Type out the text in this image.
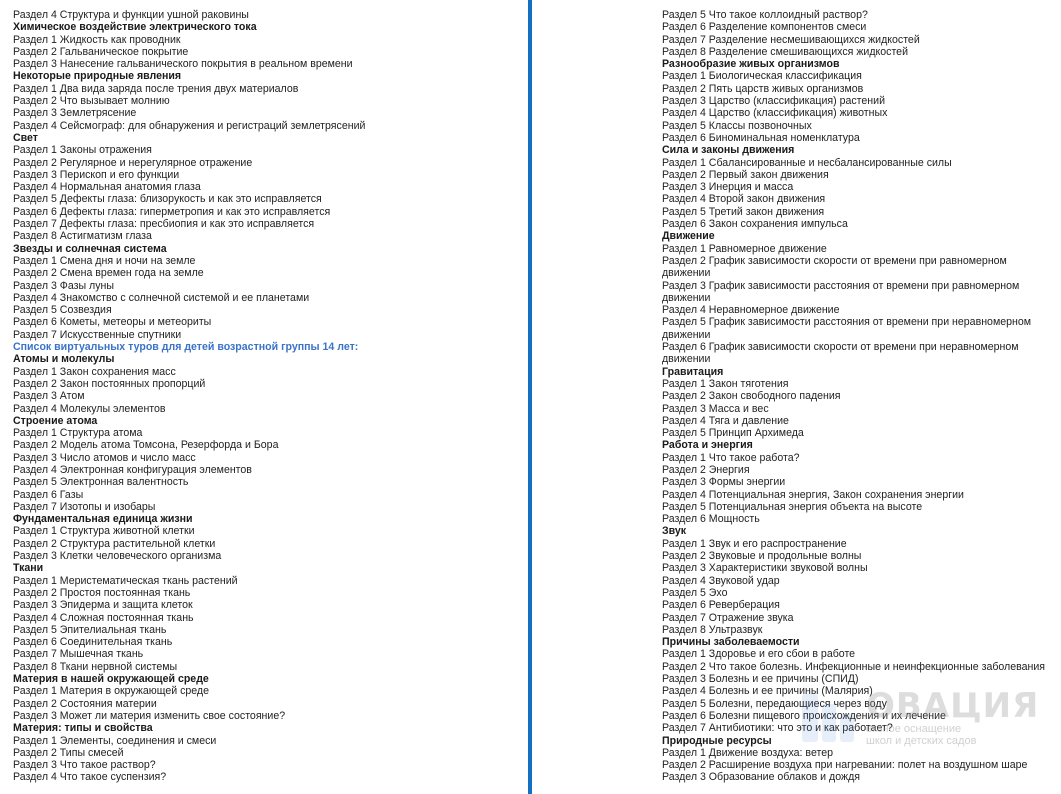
Раздел 4 Структура и функции ушной раковины
Химическое воздействие электрического тока
Раздел 1 Жидкость как проводник
Раздел 2 Гальваническое покрытие
Раздел 3 Нанесение гальванического покрытия в реальном времени
Некоторые природные явления
Раздел 1 Два вида заряда после трения двух материалов
Раздел 2 Что вызывает молнию
Раздел 3 Землетрясение
Раздел 4 Сейсмограф: для обнаружения и регистраций землетрясений
Свет
Раздел 1 Законы отражения
Раздел 2 Регулярное и нерегулярное отражение
Раздел 3 Перископ и его функции
Раздел 4 Нормальная анатомия глаза
Раздел 5 Дефекты глаза: близорукость и как это исправляется
Раздел 6 Дефекты глаза: гиперметропия и как это исправляется
Раздел 7 Дефекты глаза: пресбиопия и как это исправляется
Раздел 8 Астигматизм глаза
Звезды и солнечная система
Раздел 1 Смена дня и ночи на земле
Раздел 2 Смена времен года на земле
Раздел 3 Фазы луны
Раздел 4 Знакомство с солнечной системой и ее планетами
Раздел 5 Созвездия
Раздел 6 Кометы, метеоры и метеориты
Раздел 7 Искусственные спутники
Список виртуальных туров для детей возрастной группы 14 лет:
Атомы и молекулы
Раздел 1 Закон сохранения масс
Раздел 2 Закон постоянных пропорций
Раздел 3 Атом
Раздел 4 Молекулы элементов
Строение атома
Раздел 1 Структура атома
Раздел 2 Модель атома Томсона, Резерфорда и Бора
Раздел 3 Число атомов и число масс
Раздел 4 Электронная конфигурация элементов
Раздел 5 Электронная валентность
Раздел 6 Газы
Раздел 7 Изотопы и изобары
Фундаментальная единица жизни
Раздел 1 Структура животной клетки
Раздел 2 Структура растительной клетки
Раздел 3 Клетки человеческого организма
Ткани
Раздел 1 Меристематическая ткань растений
Раздел 2 Простоя постоянная ткань
Раздел 3 Эпидерма и защита клеток
Раздел 4 Сложная постоянная ткань
Раздел 5 Эпителиальная ткань
Раздел 6 Соединительная ткань
Раздел 7 Мышечная ткань
Раздел 8 Ткани нервной системы
Материя в нашей окружающей среде
Раздел 1 Материя в окружающей среде
Раздел 2 Состояния материи
Раздел 3 Может ли материя изменить свое состояние?
Материя: типы и свойства
Раздел 1 Элементы, соединения и смеси
Раздел 2 Типы смесей
Раздел 3 Что такое раствор?
Раздел 4 Что такое суспензия?
Раздел 5 Что такое коллоидный раствор?
Раздел 6 Разделение компонентов смеси
Раздел 7 Разделение несмешивающихся жидкостей
Раздел 8 Разделение смешивающихся жидкостей
Разнообразие живых организмов
Раздел 1 Биологическая классификация
Раздел 2 Пять царств живых организмов
Раздел 3 Царство (классификация) растений
Раздел 4 Царство (классификация) животных
Раздел 5 Классы позвоночных
Раздел 6 Биноминальная номенклатура
Сила и законы движения
Раздел 1 Сбалансированные и несбалансированные силы
Раздел 2 Первый закон движения
Раздел 3 Инерция и масса
Раздел 4 Второй закон движения
Раздел 5 Третий закон движения
Раздел 6 Закон сохранения импульса
Движение
Раздел 1 Равномерное движение
Раздел 2 График зависимости скорости от времени при равномерном движении
Раздел 3 График зависимости расстояния от времени при равномерном движении
Раздел 4 Неравномерное движение
Раздел 5 График зависимости расстояния от времени при неравномерном движении
Раздел 6 График зависимости скорости от времени при неравномерном движении
Гравитация
Раздел 1 Закон тяготения
Раздел 2 Закон свободного падения
Раздел 3 Масса и вес
Раздел 4 Тяга и давление
Раздел 5 Принцип Архимеда
Работа и энергия
Раздел 1 Что такое работа?
Раздел 2 Энергия
Раздел 3 Формы энергии
Раздел 4 Потенциальная энергия, Закон сохранения энергии
Раздел 5 Потенциальная энергия объекта на высоте
Раздел 6 Мощность
Звук
Раздел 1 Звук и его распространение
Раздел 2 Звуковые и продольные волны
Раздел 3 Характеристики звуковой волны
Раздел 4 Звуковой удар
Раздел 5 Эхо
Раздел 6 Реверберация
Раздел 7 Отражение звука
Раздел 8 Ультразвук
Причины заболеваемости
Раздел 1 Здоровье и его сбои в работе
Раздел 2 Что такое болезнь. Инфекционные и неинфекционные заболевания
Раздел 3 Болезнь и ее причины (СПИД)
Раздел 4 Болезнь и ее причины (Малярия)
Раздел 5 Болезни, передающиеся через воду
Раздел 6 Болезни пищевого происхождения и их лечение
Раздел 7 Антибиотики: что это и как работает?
Природные ресурсы
Раздел 1 Движение воздуха: ветер
Раздел 2 Расширение воздуха при нагревании: полет на воздушном шаре
Раздел 3 Образование облаков и дождя
ОВАЦИЯ
ексное оснащение
школ и детских садов
